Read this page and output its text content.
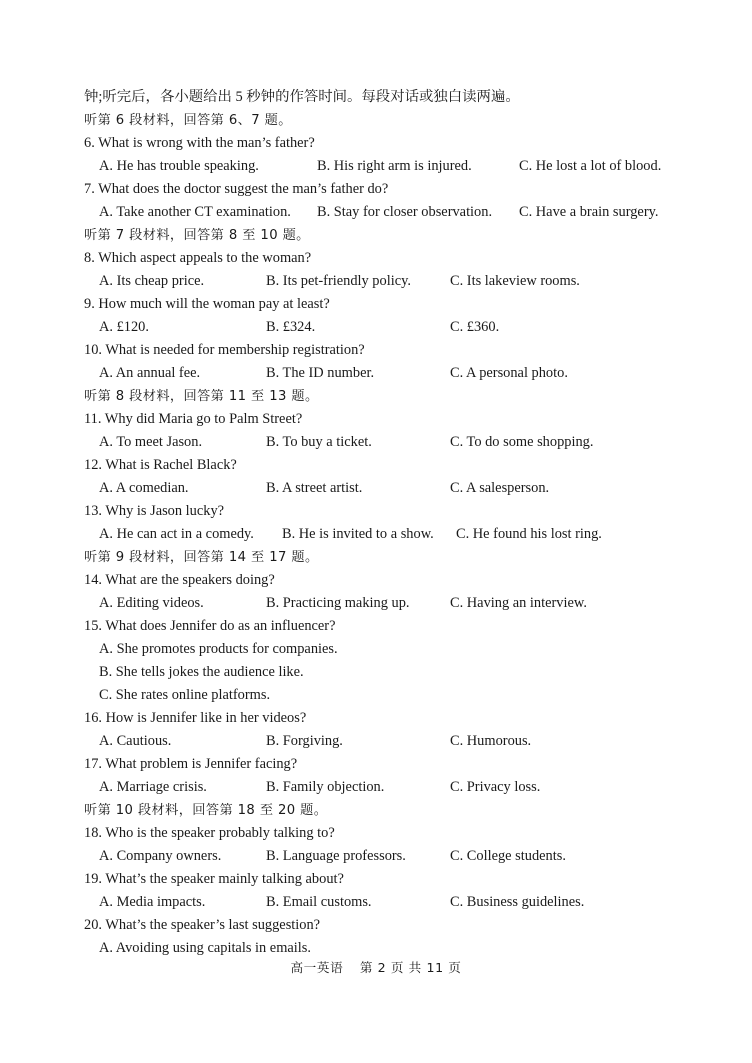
钟;听完后，各小题给出 5 秒钟的作答时间。每段对话或独白读两遍。
听第 6 段材料，回答第 6、7 题。
6. What is wrong with the man’s father?
A. He has trouble speaking.	B. His right arm is injured.	C. He lost a lot of blood.
7. What does the doctor suggest the man’s father do?
A. Take another CT examination. B. Stay for closer observation. C. Have a brain surgery.
听第 7 段材料，回答第 8 至 10 题。
8. Which aspect appeals to the woman?
A. Its cheap price.	B. Its pet-friendly policy.	C. Its lakeview rooms.
9. How much will the woman pay at least?
A. £120.	B. £324.	C. £360.
10. What is needed for membership registration?
A. An annual fee.	B. The ID number.	C. A personal photo.
听第 8 段材料，回答第 11 至 13 题。
11. Why did Maria go to Palm Street?
A. To meet Jason.	B. To buy a ticket.	C. To do some shopping.
12. What is Rachel Black?
A. A comedian.	B. A street artist.	C. A salesperson.
13. Why is Jason lucky?
A. He can act in a comedy. B. He is invited to a show. C. He found his lost ring.
听第 9 段材料，回答第 14 至 17 题。
14. What are the speakers doing?
A. Editing videos.	B. Practicing making up.	C. Having an interview.
15. What does Jennifer do as an influencer?
A. She promotes products for companies.
B. She tells jokes the audience like.
C. She rates online platforms.
16. How is Jennifer like in her videos?
A. Cautious.	B. Forgiving.	C. Humorous.
17. What problem is Jennifer facing?
A. Marriage crisis.	B. Family objection.	C. Privacy loss.
听第 10 段材料，回答第 18 至 20 题。
18. Who is the speaker probably talking to?
A. Company owners.	B. Language professors.	C. College students.
19. What’s the speaker mainly talking about?
A. Media impacts.	B. Email customs.	C. Business guidelines.
20. What’s the speaker’s last suggestion?
A. Avoiding using capitals in emails.
高一英语 第 2 页 共 11 页
